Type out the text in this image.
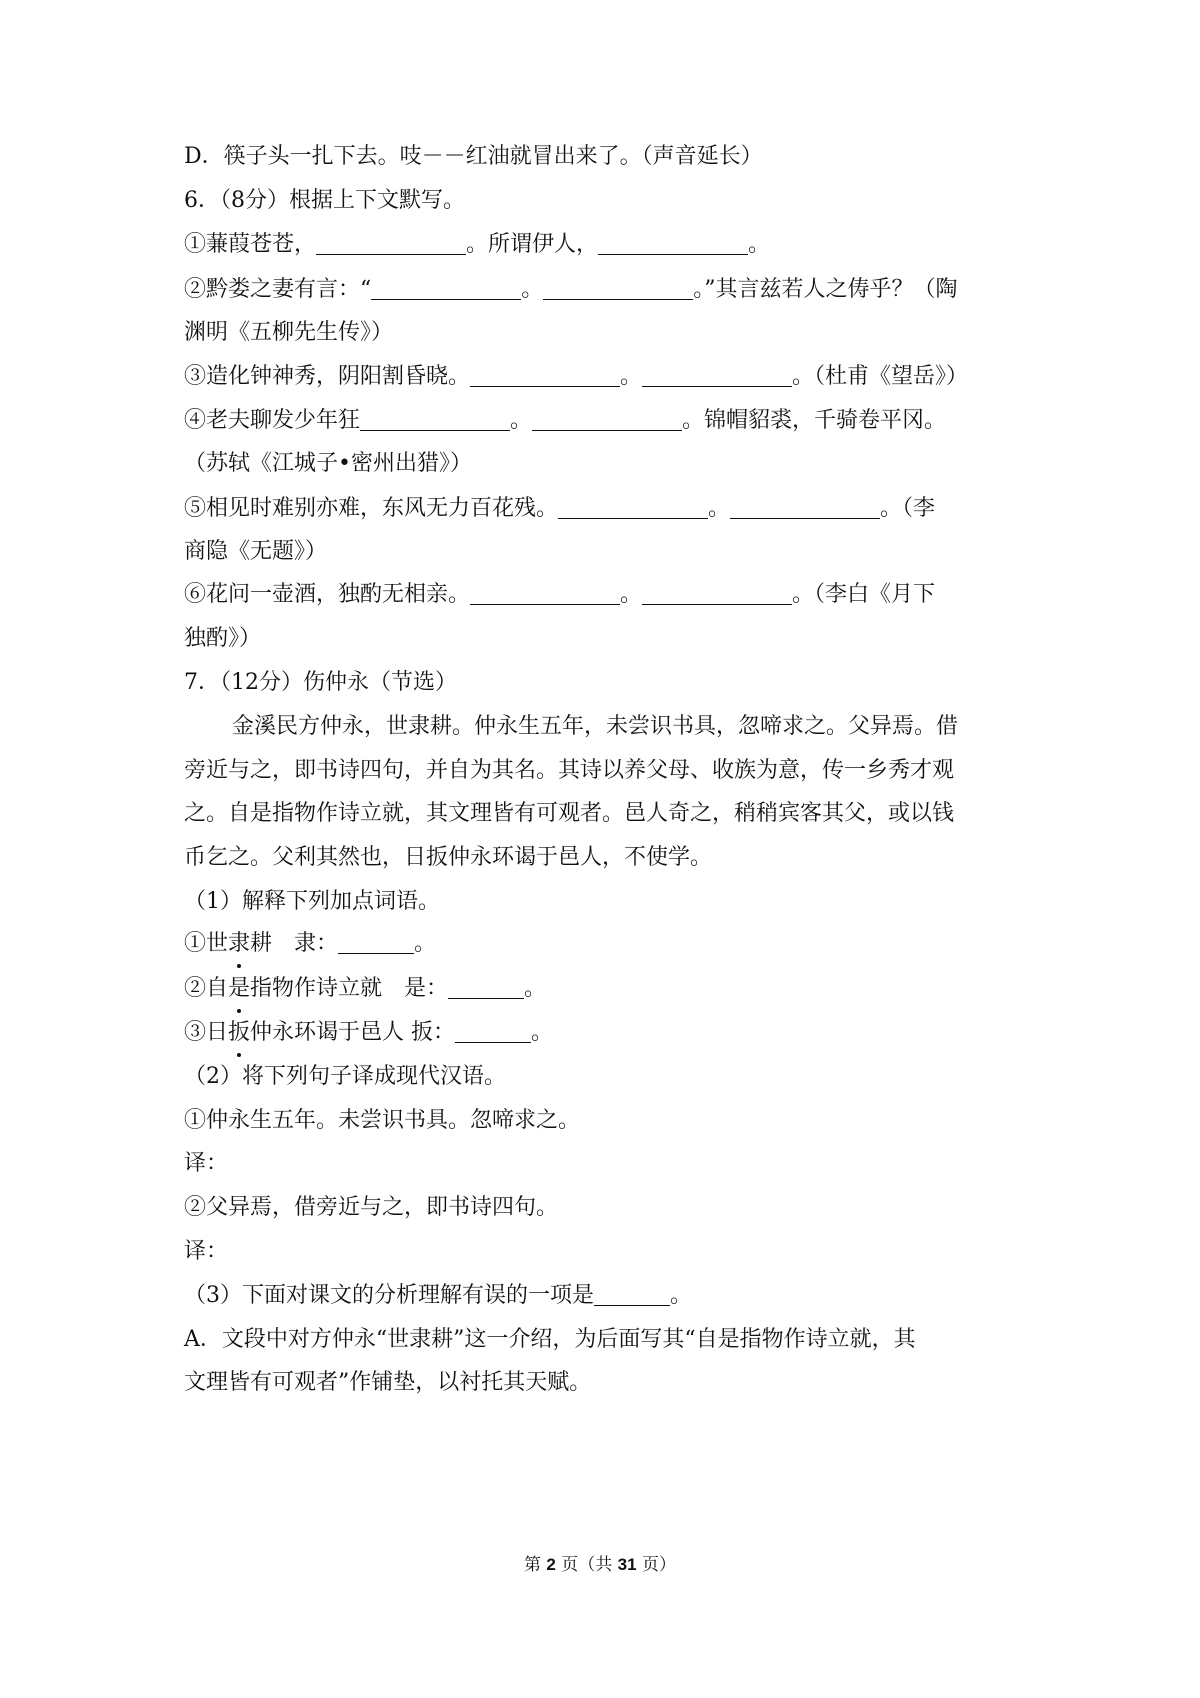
D．筷子头一扎下去。吱－－红油就冒出来了。（声音延长）
6．（8分）根据上下文默写。
①蒹葭苍苍，	。所谓伊人，	。
②黔娄之妻有言：“	。	。”其言兹若人之俦乎？（陶
渊明《五柳先生传》）
③造化钟神秀，阴阳割昏晓。	。	。（杜甫《望岳》）
④老夫聊发少年狂	。	。锦帽貂裘，千骑卷平冈。
（苏轼《江城子•密州出猎》）
⑤相见时难别亦难，东风无力百花残。	。	。（李
商隐《无题》）
⑥花问一壶酒，独酌无相亲。	。	。（李白《月下
独酌》）
7．（12分）伤仲永（节选）
金溪民方仲永，世隶耕。仲永生五年，未尝识书具，忽啼求之。父异焉。借
旁近与之，即书诗四句，并自为其名。其诗以养父母、收族为意，传一乡秀才观
之。自是指物作诗立就，其文理皆有可观者。邑人奇之，稍稍宾客其父，或以钱
币乞之。父利其然也，日扳仲永环谒于邑人，不使学。
（1）解释下列加点词语。
①世隶耕　隶：	。
②自是指物作诗立就　是：	。
③日扳仲永环谒于邑人 扳：	。
（2）将下列句子译成现代汉语。
①仲永生五年。未尝识书具。忽啼求之。
译：
②父异焉，借旁近与之，即书诗四句。
译：
（3）下面对课文的分析理解有误的一项是	。
A．文段中对方仲永“世隶耕”这一介绍，为后面写其“自是指物作诗立就，其
文理皆有可观者”作铺垫，以衬托其天赋。
第 2 页（共 31 页）
